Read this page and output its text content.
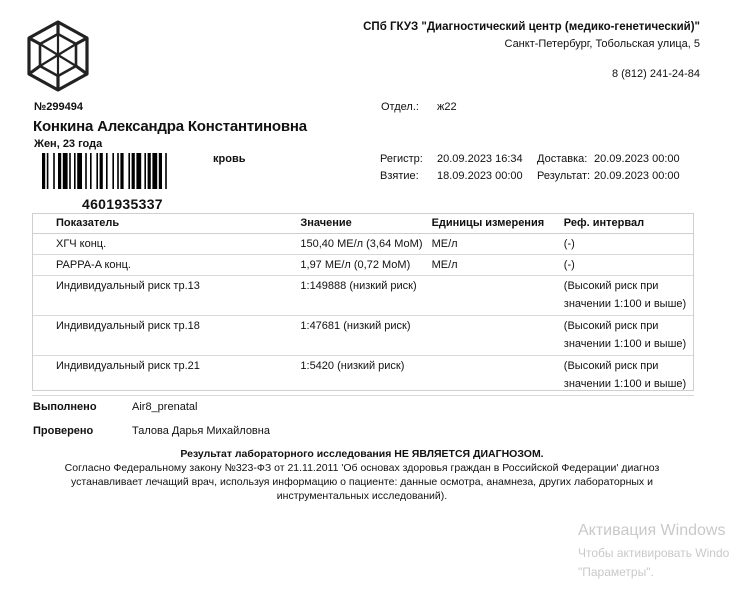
СПб ГКУЗ "Диагностический центр (медико-генетический)"
Санкт-Петербург, Тобольская улица, 5
8 (812) 241-24-84
№299494	Отдел.: ж22
Конкина Александра Константиновна
Жен, 23 года
4601935337
кровь	Регистр: 20.09.2023 16:34 Доставка: 20.09.2023 00:00
Взятие: 18.09.2023 00:00 Результат: 20.09.2023 00:00
Показатель	Значение	Единицы измерения	Реф. интервал
ХГЧ конц.	150,40 МЕ/л (3,64 МоМ)	МЕ/л	(-)
PAPPA-A конц.	1,97 МЕ/л (0,72 МоМ)	МЕ/л	(-)
Индивидуальный риск тр.13	1:149888 (низкий риск)		(Высокий риск при
значении 1:100 и выше)

Индивидуальный риск тр.18	1:47681 (низкий риск)		(Высокий риск при
значении 1:100 и выше)

Индивидуальный риск тр.21	1:5420 (низкий риск)		(Высокий риск при
значении 1:100 и выше)
Выполнено	Air8_prenatal
Проверено	Талова Дарья Михайловна
Результат лабораторного исследования НЕ ЯВЛЯЕТСЯ ДИАГНОЗОМ.
Согласно Федеральному закону №323-ФЗ от 21.11.2011 'Об основах здоровья граждан в Российской Федерации' диагноз
устанавливает лечащий врач, используя информацию о пациенте: данные осмотра, анамнеза, других лабораторных и
инструментальных исследований).
Активация Windows
Чтобы активировать Windo
"Параметры".
